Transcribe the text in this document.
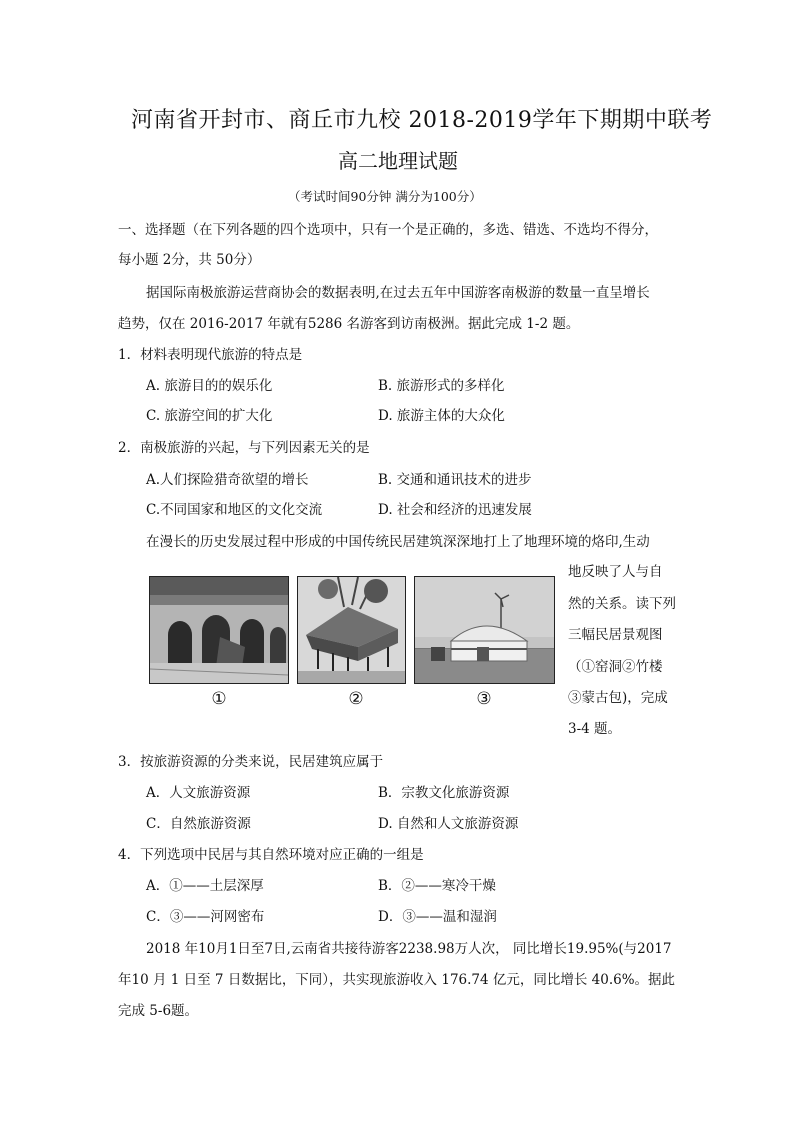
河南省开封市、商丘市九校 2018-2019学年下期期中联考
高二地理试题
（考试时间90分钟 满分为100分）
一、选择题（在下列各题的四个选项中，只有一个是正确的，多选、错选、不选均不得分，
每小题 2分，共 50分）
据国际南极旅游运营商协会的数据表明,在过去五年中国游客南极游的数量一直呈增长
趋势，仅在 2016-2017 年就有5286 名游客到访南极洲。据此完成 1-2 题。
1．材料表明现代旅游的特点是
A. 旅游目的的娱乐化	B. 旅游形式的多样化
C. 旅游空间的扩大化	D. 旅游主体的大众化
2．南极旅游的兴起，与下列因素无关的是
A.人们探险猎奇欲望的增长	B. 交通和通讯技术的进步
C.不同国家和地区的文化交流	D. 社会和经济的迅速发展
在漫长的历史发展过程中形成的中国传统民居建筑深深地打上了地理环境的烙印,生动
地反映了人与自
然的关系。读下列
三幅民居景观图
（①窑洞②竹楼
③蒙古包)，完成
3-4 题。
①	②	③
3．按旅游资源的分类来说，民居建筑应属于
A．人文旅游资源	B．宗教文化旅游资源
C．自然旅游资源	D. 自然和人文旅游资源
4．下列选项中民居与其自然环境对应正确的一组是
A．①——土层深厚	B．②——寒冷干燥
C．③——河网密布	D．③——温和湿润
2018 年10月1日至7日,云南省共接待游客2238.98万人次， 同比增长19.95%(与2017
年10 月 1 日至 7 日数据比，下同），共实现旅游收入 176.74 亿元，同比增长 40.6%。据此
完成 5-6题。
